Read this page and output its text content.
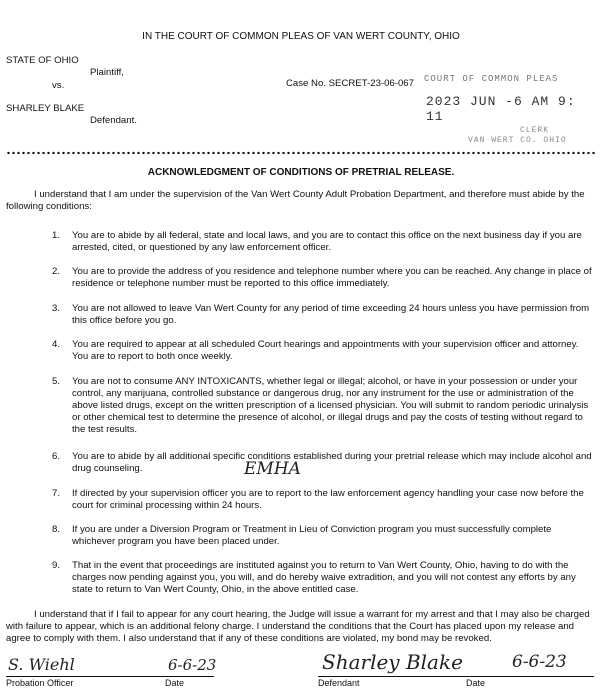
IN THE COURT OF COMMON PLEAS OF VAN WERT COUNTY, OHIO
STATE OF OHIO
Plaintiff,
vs.
SHARLEY BLAKE
Defendant.
Case No. SECRET-23-06-067 COURT OF COMMON PLEAS
2023 JUN -6 AM 9: 11
CLERK
VAN WERT CO. OHIO
ACKNOWLEDGMENT OF CONDITIONS OF PRETRIAL RELEASE.
I understand that I am under the supervision of the Van Wert County Adult Probation Department, and therefore must abide by the following conditions:
1. You are to abide by all federal, state and local laws, and you are to contact this office on the next business day if you are arrested, cited, or questioned by any law enforcement officer.
2. You are to provide the address of you residence and telephone number where you can be reached. Any change in place of residence or telephone number must be reported to this office immediately.
3. You are not allowed to leave Van Wert County for any period of time exceeding 24 hours unless you have permission from this office before you go.
4. You are required to appear at all scheduled Court hearings and appointments with your supervision officer and attorney. You are to report to both once weekly.
5. You are not to consume ANY INTOXICANTS, whether legal or illegal; alcohol, or have in your possession or under your control, any marijuana, controlled substance or dangerous drug, nor any instrument for the use or administration of the above listed drugs, except on the written prescription of a licensed physician. You will submit to random periodic urinalysis or other chemical test to determine the presence of alcohol, or illegal drugs and pay the costs of testing without regard to the test results.
6. You are to abide by all additional specific conditions established during your pretrial release which may include alcohol and drug counseling.	EMHA
7. If directed by your supervision officer you are to report to the law enforcement agency handling your case now before the court for criminal processing within 24 hours.
8. If you are under a Diversion Program or Treatment in Lieu of Conviction program you must successfully complete whichever program you have been placed under.
9. That in the event that proceedings are instituted against you to return to Van Wert County, Ohio, having to do with the charges now pending against you, you will, and do hereby waive extradition, and you will not contest any efforts by any state to return to Van Wert County, Ohio, in the above entitled case.
I understand that if I fail to appear for any court hearing, the Judge will issue a warrant for my arrest and that I may also be charged with failure to appear, which is an additional felony charge. I understand the conditions that the Court has placed upon my release and agree to comply with them. I also understand that if any of these conditions are violated, my bond may be revoked.
S. Wiehl	6-6-23
Probation Officer	Date
Sharley Blake	6-6-23
Defendant	Date
